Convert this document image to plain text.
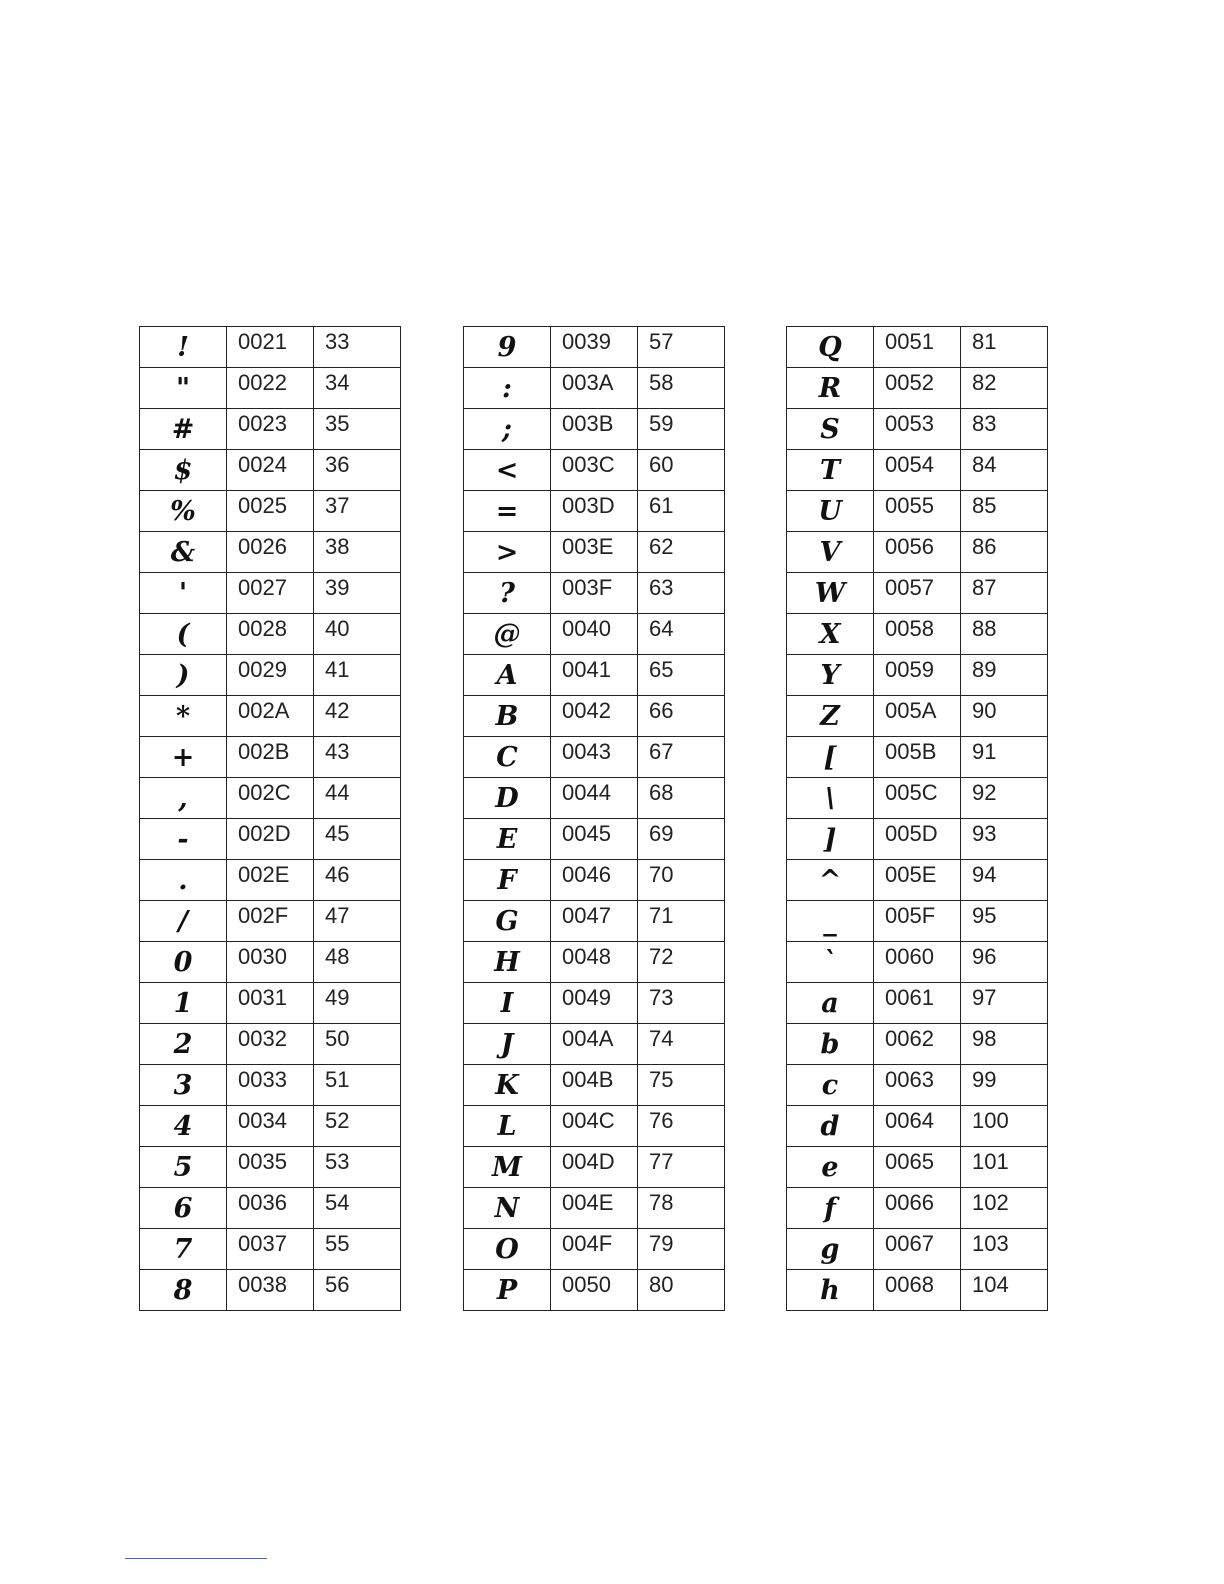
!	0021	33
"	0022	34
#	0023	35
$	0024	36
%	0025	37
&	0026	38
'	0027	39
(	0028	40
)	0029	41
*	002A	42
+	002B	43
,	002C	44
-	002D	45
.	002E	46
/	002F	47
0	0030	48
1	0031	49
2	0032	50
3	0033	51
4	0034	52
5	0035	53
6	0036	54
7	0037	55
8	0038	56
9	0039	57
:	003A	58
;	003B	59
<	003C	60
=	003D	61
>	003E	62
?	003F	63
@	0040	64
A	0041	65
B	0042	66
C	0043	67
D	0044	68
E	0045	69
F	0046	70
G	0047	71
H	0048	72
I	0049	73
J	004A	74
K	004B	75
L	004C	76
M	004D	77
N	004E	78
O	004F	79
P	0050	80
Q	0051	81
R	0052	82
S	0053	83
T	0054	84
U	0055	85
V	0056	86
W	0057	87
X	0058	88
Y	0059	89
Z	005A	90
[	005B	91
\	005C	92
]	005D	93
^	005E	94
_	005F	95
`	0060	96
a	0061	97
b	0062	98
c	0063	99
d	0064	100
e	0065	101
f	0066	102
g	0067	103
h	0068	104
